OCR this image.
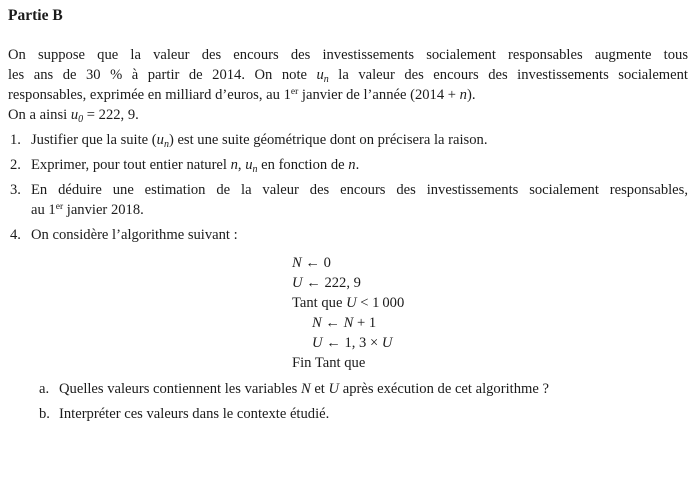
Partie B
On suppose que la valeur des encours des investissements socialement responsables augmente tous
les ans de 30 % à partir de 2014. On note $u_n$ la valeur des encours des investissements socialement
responsables, exprimée en milliard d’euros, au 1er janvier de l’année (2014 + n).
On a ainsi $u_0 = 222$, 9.
1. Justifier que la suite $(u_n)$ est une suite géométrique dont on précisera la raison.
2. Exprimer, pour tout entier naturel n, $u_n$ en fonction de n.
3. En déduire une estimation de la valeur des encours des investissements socialement responsables,
au 1er janvier 2018.
4. On considère l’algorithme suivant :
N ← 0
U ← 222, 9
Tant que U < 1 000
N ← N + 1
U ← 1, 3 × U
Fin Tant que
a. Quelles valeurs contiennent les variables N et U après exécution de cet algorithme ?
b. Interpréter ces valeurs dans le contexte étudié.
